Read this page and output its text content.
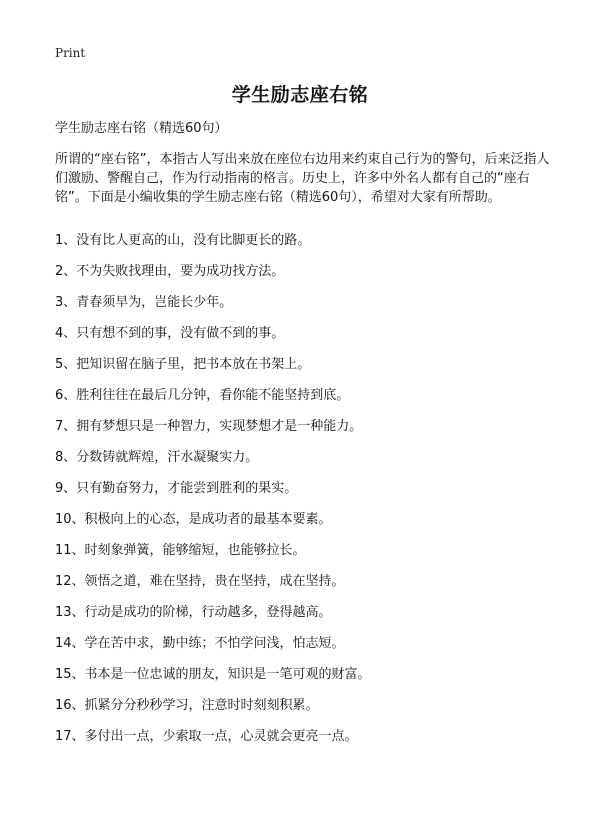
Print
学生励志座右铭
学生励志座右铭（精选60句）

所谓的“座右铭”，本指古人写出来放在座位右边用来约束自己行为的警句，后来泛指人们激励、警醒自己，作为行动指南的格言。历史上，许多中外名人都有自己的“座右铭”。下面是小编收集的学生励志座右铭（精选60句），希望对大家有所帮助。

1、没有比人更高的山，没有比脚更长的路。
2、不为失败找理由，要为成功找方法。
3、青春须早为，岂能长少年。
4、只有想不到的事，没有做不到的事。
5、把知识留在脑子里，把书本放在书架上。
6、胜利往往在最后几分钟，看你能不能坚持到底。
7、拥有梦想只是一种智力，实现梦想才是一种能力。
8、分数铸就辉煌，汗水凝聚实力。
9、只有勤奋努力，才能尝到胜利的果实。
10、积极向上的心态，是成功者的最基本要素。
11、时刻象弹簧，能够缩短，也能够拉长。
12、领悟之道，难在坚持，贵在坚持，成在坚持。
13、行动是成功的阶梯，行动越多，登得越高。
14、学在苦中求，勤中练；不怕学问浅，怕志短。
15、书本是一位忠诚的朋友，知识是一笔可观的财富。
16、抓紧分分秒秒学习，注意时时刻刻积累。
17、多付出一点，少索取一点，心灵就会更亮一点。
